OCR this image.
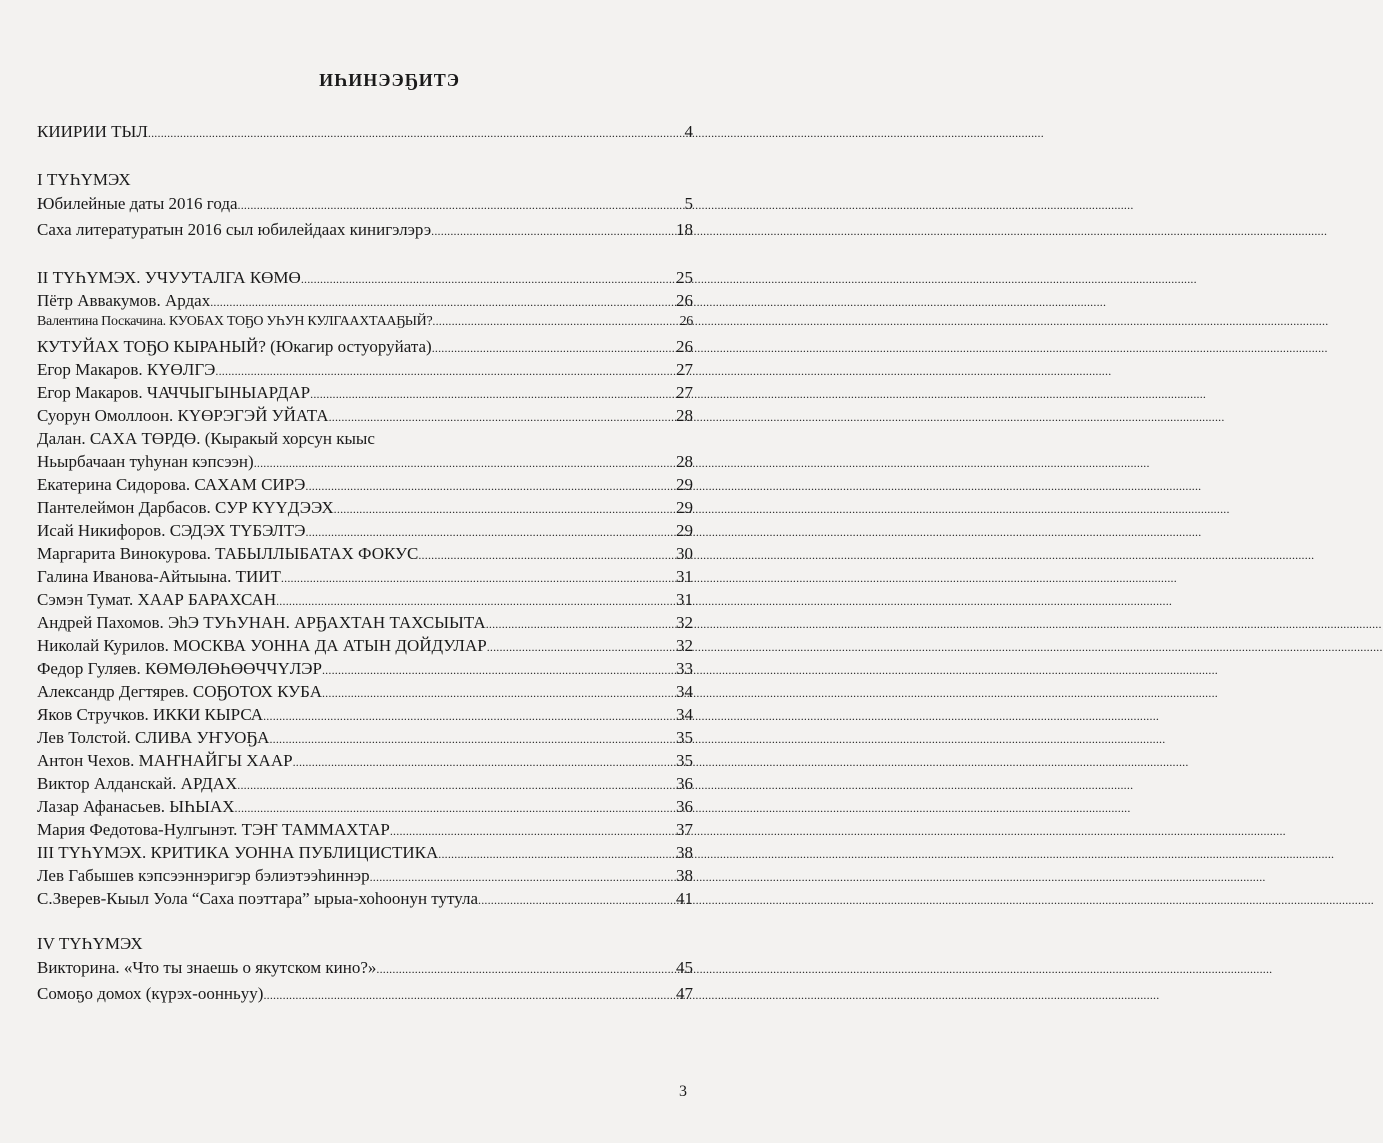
ИҺИНЭЭҔИТЭ
КИИРИИ ТЫЛ .....	4
I ТҮҺҮМЭХ
Юбилейные даты 2016 года .....	5
Саха литературатын 2016 сыл юбилейдаах кинигэлэрэ .....	18
II ТҮҺҮМЭХ. УЧУУТАЛГА КӨМӨ .....	25
Пётр Аввакумов. Ардах .....	26
Валентина Поскачина. КУОБАХ ТОҔО УҺУН КУЛГААХТААҔЫЙ? .....	26
КУТУЙАХ ТОҔО КЫРАНЫЙ? (Юкагир остуоруйата) .....	26
Егор Макаров. КҮӨЛГЭ .....	27
Егор Макаров. ЧАЧЧЫГЫНЫАРДАР .....	27
Суорун Омоллоон. КҮӨРЭГЭЙ УЙАТА .....	28
Далан. САХА ТӨРДӨ. (Кыракый хорсун кыыс
Ньырбачаан туһунан кэпсээн) .....	28
Екатерина Сидорова. САХАМ СИРЭ .....	29
Пантелеймон Дарбасов. СУР КҮҮДЭЭХ .....	29
Исай Никифоров. СЭДЭХ ТҮБЭЛТЭ .....	29
Маргарита Винокурова. ТАБЫЛЛЫБАТАХ ФОКУС .....	30
Галина Иванова-Айтыына. ТИИТ .....	31
Сэмэн Тумат. ХААР БАРАХСАН .....	31
Андрей Пахомов. ЭһЭ ТУҺУНАН. АРҔАХТАН ТАХСЫЫТА .....	32
Николай Курилов. МОСКВА УОННА ДА АТЫН ДОЙДУЛАР .....	32
Федор Гуляев. КӨМӨЛӨҺӨӨЧЧҮЛЭР .....	33
Александр Дегтярев. СОҔОТОХ КУБА .....	34
Яков Стручков. ИККИ КЫРСА .....	34
Лев Толстой. СЛИВА УҤУОҔА .....	35
Антон Чехов. МАҤНАЙГЫ ХААР .....	35
Виктор Алданскай. АРДАХ .....	36
Лазар Афанасьев. ЫҺЫАХ .....	36
Мария Федотова-Нулгынэт. ТЭҤ ТАММАХТАР .....	37
III ТҮҺҮМЭХ. КРИТИКА УОННА ПУБЛИЦИСТИКА .....	38
Лев Габышев кэпсээннэригэр бэлиэтээһиннэр .....	38
С.Зверев-Кыыл Уола “Саха поэттара” ырыа-хоһоонун тутула .....	41
IV ТҮҺҮМЭХ
Викторина. «Что ты знаешь о якутском кино?» .....	45
Сомоҕо домох (күрэх-оонньуу) .....	47
3
